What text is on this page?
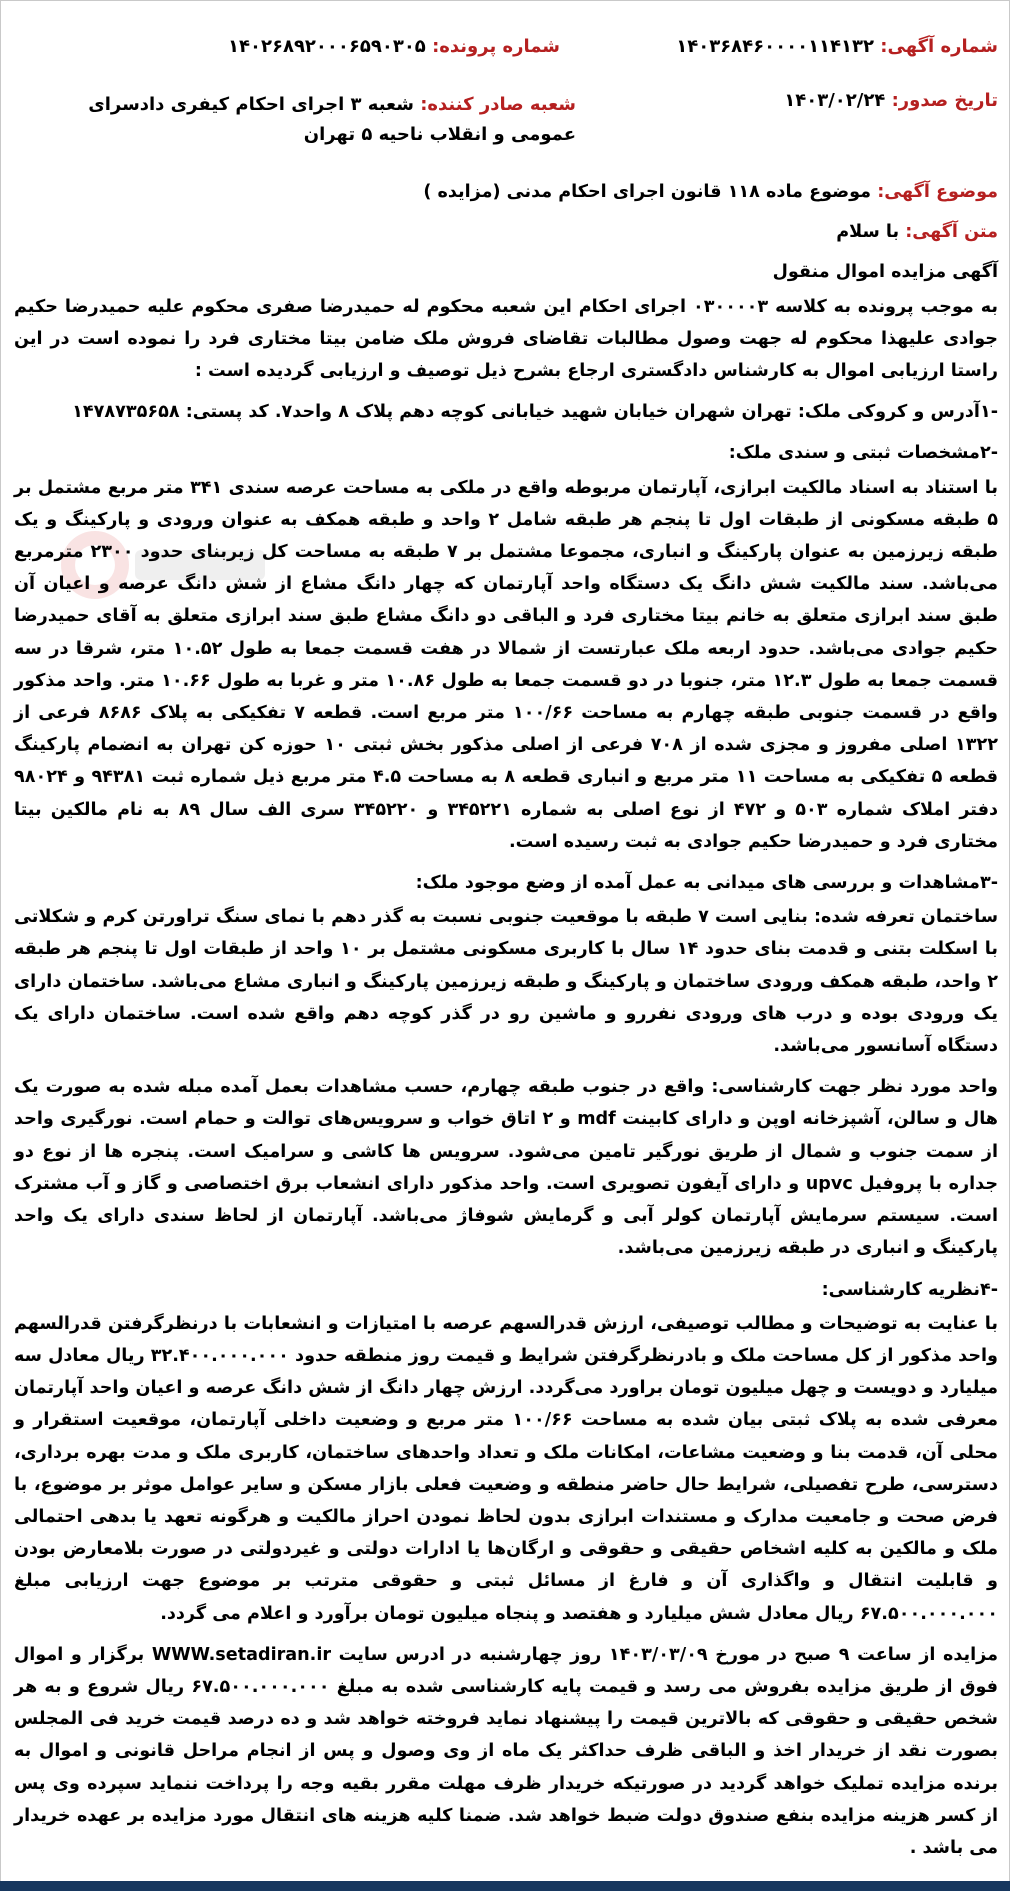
شماره آگهی: ۱۴۰۳۶۸۴۶۰۰۰۰۱۱۴۱۳۲
شماره پرونده: ۱۴۰۲۶۸۹۲۰۰۰۶۵۹۰۳۰۵
تاریخ صدور: ۱۴۰۳/۰۲/۲۴
شعبه صادر کننده: شعبه ۳ اجرای احکام کیفری دادسرای عمومی و انقلاب ناحیه ۵ تهران

موضوع آگهی: موضوع ماده ۱۱۸ قانون اجرای احکام مدنی (مزایده )

متن آگهی: با سلام

آگهی مزایده اموال منقول

به موجب پرونده به کلاسه ۰۳۰۰۰۰۳ اجرای احکام این شعبه محکوم له حمیدرضا صفری محکوم علیه حمیدرضا حکیم جوادی علیهذا محکوم له جهت وصول مطالبات تقاضای فروش ملک ضامن بیتا مختاری فرد را نموده است در این راستا ارزیابی اموال به کارشناس دادگستری ارجاع بشرح ذیل توصیف و ارزیابی گردیده است :

-۱آدرس و کروکی ملک: تهران شهران خیابان شهید خیابانی کوچه دهم پلاک ۸ واحد۷. کد پستی: ۱۴۷۸۷۳۵۶۵۸

-۲مشخصات ثبتی و سندی ملک:

با استناد به اسناد مالکیت ابرازی، آپارتمان مربوطه واقع در ملکی به مساحت عرصه سندی ۳۴۱ متر مربع مشتمل بر ۵ طبقه مسکونی از طبقات اول تا پنجم هر طبقه شامل ۲ واحد و طبقه همکف به عنوان ورودی و پارکینگ و یک طبقه زیرزمین به عنوان پارکینگ و انباری، مجموعا مشتمل بر ۷ طبقه به مساحت کل زیربنای حدود ۲۳۰۰ مترمربع می‌باشد. سند مالکیت شش دانگ یک دستگاه واحد آپارتمان که چهار دانگ مشاع از شش دانگ عرصه و اعیان آن طبق سند ابرازی متعلق به خانم بیتا مختاری فرد و الباقی دو دانگ مشاع طبق سند ابرازی متعلق به آقای حمیدرضا حکیم جوادی می‌باشد. حدود اربعه ملک عبارتست از شمالا در هفت قسمت جمعا به طول ۱۰.۵۲ متر، شرقا در سه قسمت جمعا به طول ۱۲.۳ متر، جنوبا در دو قسمت جمعا به طول ۱۰.۸۶ متر و غربا به طول ۱۰.۶۶ متر. واحد مذکور واقع در قسمت جنوبی طبقه چهارم به مساحت ۱۰۰/۶۶ متر مربع است. قطعه ۷ تفکیکی به پلاک ۸۶۸۶ فرعی از ۱۳۲۲ اصلی مفروز و مجزی شده از ۷۰۸ فرعی از اصلی مذکور بخش ثبتی ۱۰ حوزه کن تهران به انضمام پارکینگ قطعه ۵ تفکیکی به مساحت ۱۱ متر مربع و انباری قطعه ۸ به مساحت ۴.۵ متر مربع ذیل شماره ثبت ۹۴۳۸۱ و ۹۸۰۲۴ دفتر املاک شماره ۵۰۳ و ۴۷۲ از نوع اصلی به شماره ۳۴۵۲۲۱ و ۳۴۵۲۲۰ سری الف سال ۸۹ به نام مالکین بیتا مختاری فرد و حمیدرضا حکیم جوادی به ثبت رسیده است.

-۳مشاهدات و بررسی های میدانی به عمل آمده از وضع موجود ملک:

ساختمان تعرفه شده: بنایی است ۷ طبقه با موقعیت جنوبی نسبت به گذر دهم با نمای سنگ تراورتن کرم و شکلاتی با اسکلت بتنی و قدمت بنای حدود ۱۴ سال با کاربری مسکونی مشتمل بر ۱۰ واحد از طبقات اول تا پنجم هر طبقه ۲ واحد، طبقه همکف ورودی ساختمان و پارکینگ و طبقه زیرزمین پارکینگ و انباری مشاع می‌باشد. ساختمان دارای یک ورودی بوده و درب های ورودی نفررو و ماشین رو در گذر کوچه دهم واقع شده است. ساختمان دارای یک دستگاه آسانسور می‌باشد.

واحد مورد نظر جهت کارشناسی: واقع در جنوب طبقه چهارم، حسب مشاهدات بعمل آمده مبله شده به صورت یک هال و سالن، آشپزخانه اوپن و دارای کابینت mdf و ۲ اتاق خواب و سرویس‌های توالت و حمام است. نورگیری واحد از سمت جنوب و شمال از طریق نورگیر تامین می‌شود. سرویس ها کاشی و سرامیک است. پنجره ها از نوع دو جداره با پروفیل upvc و دارای آیفون تصویری است. واحد مذکور دارای انشعاب برق اختصاصی و گاز و آب مشترک است. سیستم سرمایش آپارتمان کولر آبی و گرمایش شوفاژ می‌باشد. آپارتمان از لحاظ سندی دارای یک واحد پارکینگ و انباری در طبقه زیرزمین می‌باشد.

-۴نظریه کارشناسی:

با عنایت به توضیحات و مطالب توصیفی، ارزش قدرالسهم عرصه با امتیازات و انشعابات با درنظرگرفتن قدرالسهم واحد مذکور از کل مساحت ملک و بادرنظرگرفتن شرایط و قیمت روز منطقه حدود ۳۲.۴۰۰.۰۰۰.۰۰۰ ریال معادل سه میلیارد و دویست و چهل میلیون تومان براورد می‌گردد. ارزش چهار دانگ از شش دانگ عرصه و اعیان واحد آپارتمان معرفی شده به پلاک ثبتی بیان شده به مساحت ۱۰۰/۶۶ متر مربع و وضعیت داخلی آپارتمان، موقعیت استقرار و محلی آن، قدمت بنا و وضعیت مشاعات، امکانات ملک و تعداد واحدهای ساختمان، کاربری ملک و مدت بهره برداری، دسترسی، طرح تفصیلی، شرایط حال حاضر منطقه و وضعیت فعلی بازار مسکن و سایر عوامل موثر بر موضوع، با فرض صحت و جامعیت مدارک و مستندات ابرازی بدون لحاظ نمودن احراز مالکیت و هرگونه تعهد یا بدهی احتمالی ملک و مالکین به کلیه اشخاص حقیقی و حقوقی و ارگان‌ها یا ادارات دولتی و غیردولتی در صورت بلامعارض بودن و قابلیت انتقال و واگذاری آن و فارغ از مسائل ثبتی و حقوقی مترتب بر موضوع جهت ارزیابی مبلغ ۶۷.۵۰۰.۰۰۰.۰۰۰ ریال معادل شش میلیارد و هفتصد و پنجاه میلیون تومان برآورد و اعلام می گردد.

مزایده از ساعت ۹ صبح در مورخ ۱۴۰۳/۰۳/۰۹ روز چهارشنبه در ادرس سایت WWW.setadiran.ir برگزار و اموال فوق از طریق مزایده بفروش می رسد و قیمت پایه کارشناسی شده به مبلغ ۶۷.۵۰۰.۰۰۰.۰۰۰ ریال شروع و به هر شخص حقیقی و حقوقی که بالاترین قیمت را پیشنهاد نماید فروخته خواهد شد و ده درصد قیمت خرید فی المجلس بصورت نقد از خریدار اخذ و الباقی ظرف حداکثر یک ماه از وی وصول و پس از انجام مراحل قانونی و اموال به برنده مزایده تملیک خواهد گردید در صورتیکه خریدار ظرف مهلت مقرر بقیه وجه را پرداخت ننماید سپرده وی پس از کسر هزینه مزایده بنفع صندوق دولت ضبط خواهد شد. ضمنا کلیه هزینه های انتقال مورد مزایده بر عهده خریدار می باشد .
